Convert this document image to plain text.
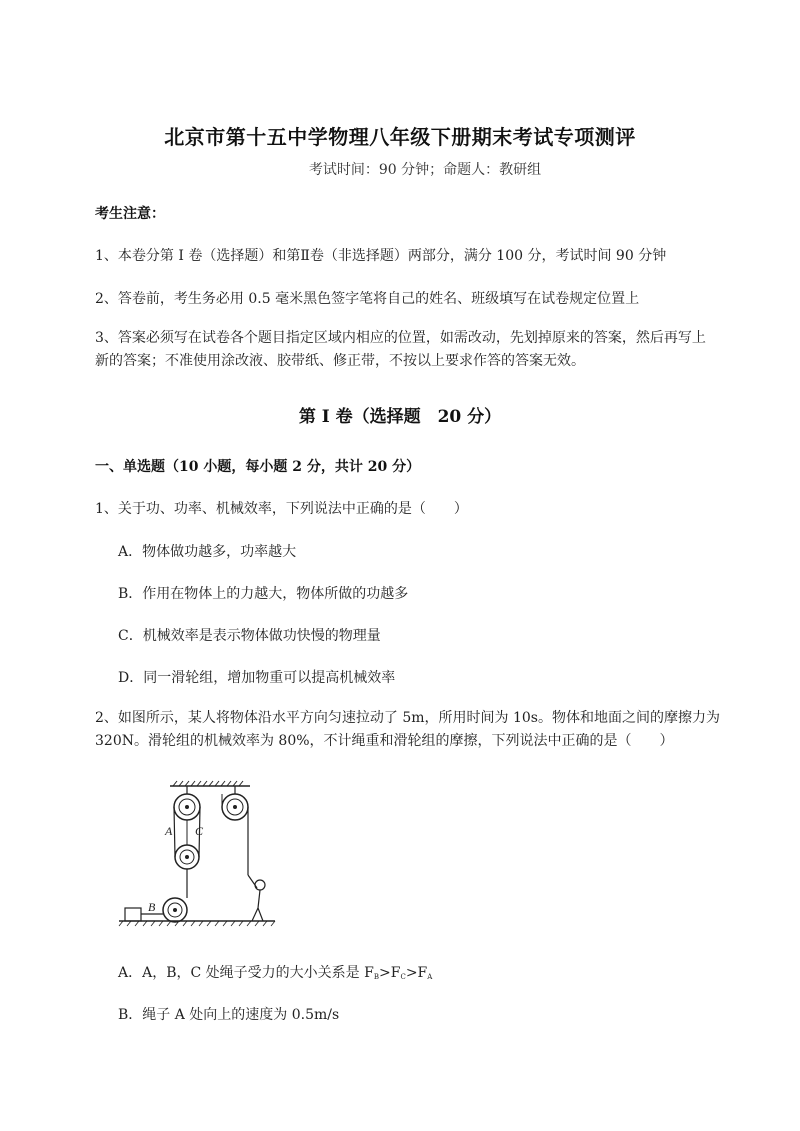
北京市第十五中学物理八年级下册期末考试专项测评
考试时间：90 分钟；命题人：教研组
考生注意：
1、本卷分第 I 卷（选择题）和第Ⅱ卷（非选择题）两部分，满分 100 分，考试时间 90 分钟
2、答卷前，考生务必用 0.5 毫米黑色签字笔将自己的姓名、班级填写在试卷规定位置上
3、答案必须写在试卷各个题目指定区域内相应的位置，如需改动，先划掉原来的答案，然后再写上新的答案；不准使用涂改液、胶带纸、修正带，不按以上要求作答的答案无效。
第 I 卷（选择题　20 分）
一、单选题（10 小题，每小题 2 分，共计 20 分）
1、关于功、功率、机械效率，下列说法中正确的是（　　）
A．物体做功越多，功率越大
B．作用在物体上的力越大，物体所做的功越多
C．机械效率是表示物体做功快慢的物理量
D．同一滑轮组，增加物重可以提高机械效率
2、如图所示，某人将物体沿水平方向匀速拉动了 5m，所用时间为 10s。物体和地面之间的摩擦力为 320N。滑轮组的机械效率为 80%，不计绳重和滑轮组的摩擦，下列说法中正确的是（　　）
A C
B
A．A，B，C 处绳子受力的大小关系是 $F_B>F_C>F_A$
B．绳子 A 处向上的速度为 0.5m/s
